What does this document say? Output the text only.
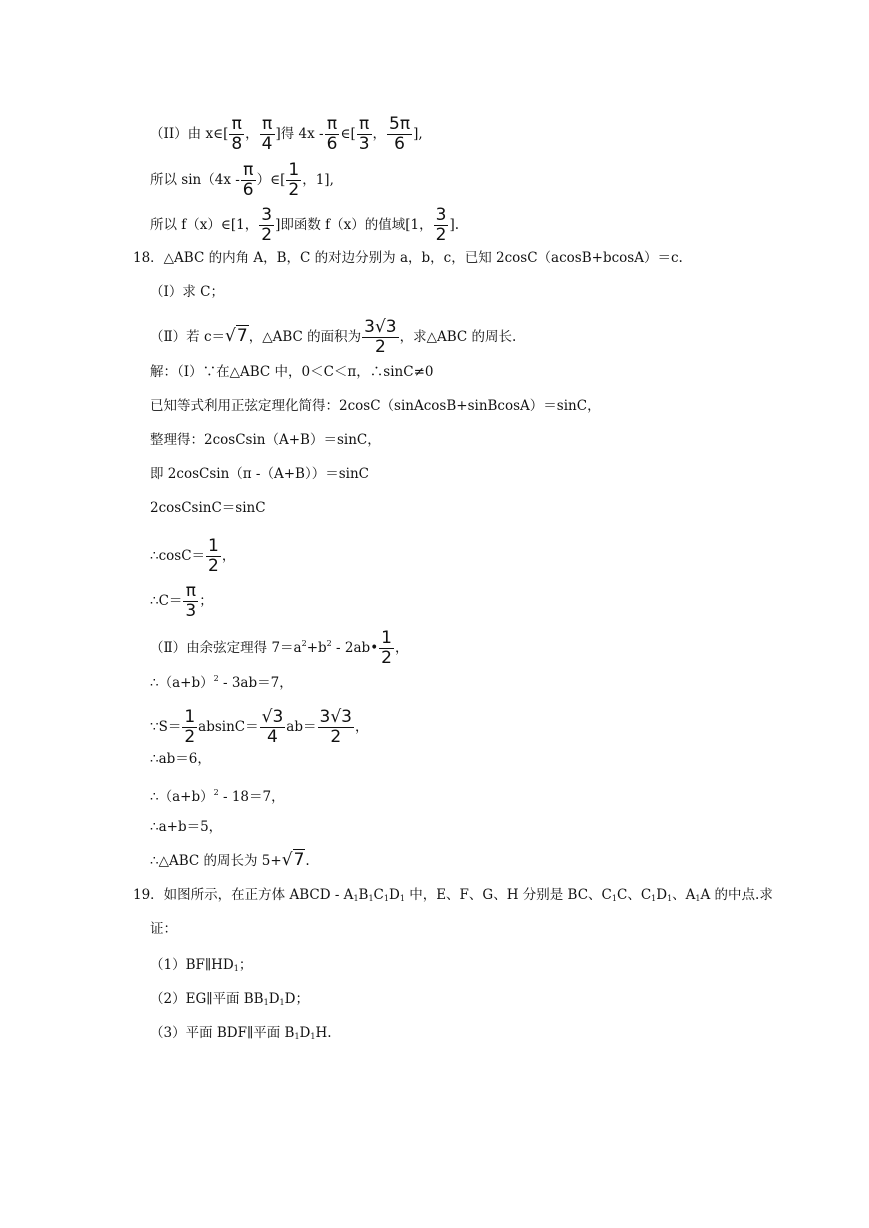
（II）由 x∈[ $\frac{\pi}{8}$ ， $\frac{\pi}{4}$ ]得 $4x - \frac{\pi}{6}$ ∈[ $\frac{\pi}{3}$ ， $\frac{5\pi}{6}$ ],
所以 $\sin(4x - \frac{\pi}{6}$ ）∈[ $\frac{1}{2}$ ，1],
所以 f（x）∈[1， $\frac{3}{2}$ ]即函数 f（x）的值域[1， $\frac{3}{2}$ ].
18．△ABC 的内角 A，B，C 的对边分别为 a，b，c，已知 2cosC（acosB+bcosA）＝c.
（Ⅰ）求 C；
（Ⅱ）若 c＝√7，△ABC 的面积为 $\frac{3√3}{2}$ ，求△ABC 的周长.
解：（Ⅰ）∵在△ABC 中，0＜C＜π，∴sinC≠0
已知等式利用正弦定理化简得：2cosC（sinAcosB+sinBcosA）＝sinC，
整理得：2cosCsin（A+B）＝sinC，
即 2cosCsin（π -（A+B））＝sinC
2cosCsinC＝sinC
∴cosC＝ $\frac{1}{2}$ ，
∴C＝ $\frac{\pi}{3}$ ；
（Ⅱ）由余弦定理得 $7=a^2+b^2$ - 2ab• $\frac{1}{2}$ ，
$\therefore(a+b)^2 - 3ab=7$，
∵S＝ $\frac{1}{2} absinC= \frac{√3}{4} ab= \frac{3√3}{2}$ ，
∴ab＝6，
$\therefore(a+b)^2 - 18=7$，
∴a+b＝5，
∴△ABC 的周长为 5+√7.
19．如图所示，在正方体 ABCD - $A_1B_1C_1D_1$ 中，E、F、G、H 分别是 BC、$C_1C$、$C_1D_1$、$A_1A$ 的中点.求
证：
$(1)BF\parallel HD_1$；
（2）EG∥平面 $BB_1D_1D$；
（3）平面 BDF∥平面 $B_1D_1H$.
